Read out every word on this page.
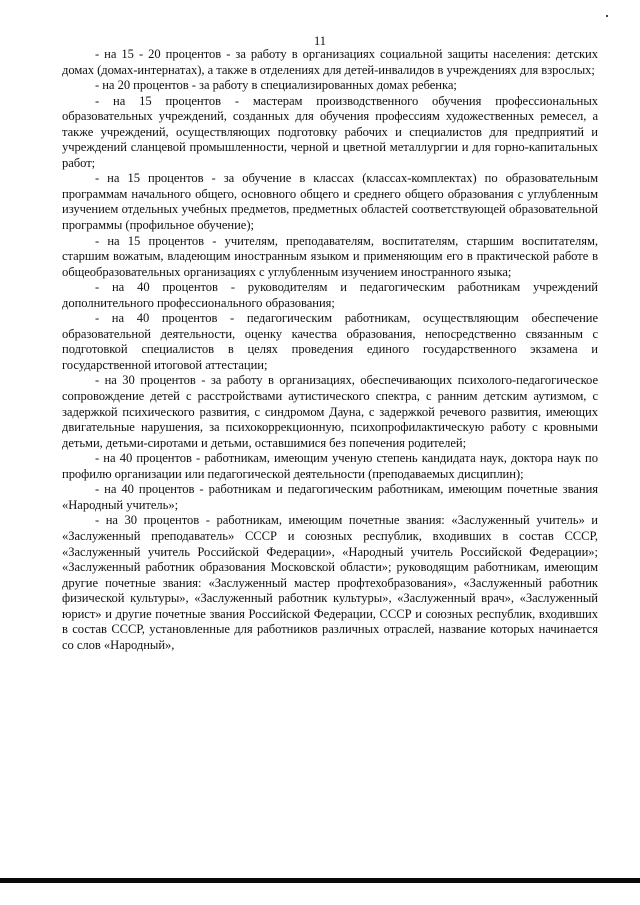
11

- на 15 - 20 процентов - за работу в организациях социальной защиты населения: детских домах (домах-интернатах), а также в отделениях для детей-инвалидов в учреждениях для взрослых;

- на 20 процентов - за работу в специализированных домах ребенка;

- на 15 процентов - мастерам производственного обучения профессиональных образовательных учреждений, созданных для обучения профессиям художественных ремесел, а также учреждений, осуществляющих подготовку рабочих и специалистов для предприятий и учреждений сланцевой промышленности, черной и цветной металлургии и для горно-капитальных работ;

- на 15 процентов - за обучение в классах (классах-комплектах) по образовательным программам начального общего, основного общего и среднего общего образования с углубленным изучением отдельных учебных предметов, предметных областей соответствующей образовательной программы (профильное обучение);

- на 15 процентов - учителям, преподавателям, воспитателям, старшим воспитателям, старшим вожатым, владеющим иностранным языком и применяющим его в практической работе в общеобразовательных организациях с углубленным изучением иностранного языка;

- на 40 процентов - руководителям и педагогическим работникам учреждений дополнительного профессионального образования;

- на 40 процентов - педагогическим работникам, осуществляющим обеспечение образовательной деятельности, оценку качества образования, непосредственно связанным с подготовкой специалистов в целях проведения единого государственного экзамена и государственной итоговой аттестации;

- на 30 процентов - за работу в организациях, обеспечивающих психолого-педагогическое сопровождение детей с расстройствами аутистического спектра, с ранним детским аутизмом, с задержкой психического развития, с синдромом Дауна, с задержкой речевого развития, имеющих двигательные нарушения, за психокоррекционную, психопрофилактическую работу с кровными детьми, детьми-сиротами и детьми, оставшимися без попечения родителей;

- на 40 процентов - работникам, имеющим ученую степень кандидата наук, доктора наук по профилю организации или педагогической деятельности (преподаваемых дисциплин);

- на 40 процентов - работникам и педагогическим работникам, имеющим почетные звания «Народный учитель»;

- на 30 процентов - работникам, имеющим почетные звания: «Заслуженный учитель» и «Заслуженный преподаватель» СССР и союзных республик, входивших в состав СССР, «Заслуженный учитель Российской Федерации», «Народный учитель Российской Федерации»; «Заслуженный работник образования Московской области»; руководящим работникам, имеющим другие почетные звания: «Заслуженный мастер профтехобразования», «Заслуженный работник физической культуры», «Заслуженный работник культуры», «Заслуженный врач», «Заслуженный юрист» и другие почетные звания Российской Федерации, СССР и союзных республик, входивших в состав СССР, установленные для работников различных отраслей, название которых начинается со слов «Народный»,
